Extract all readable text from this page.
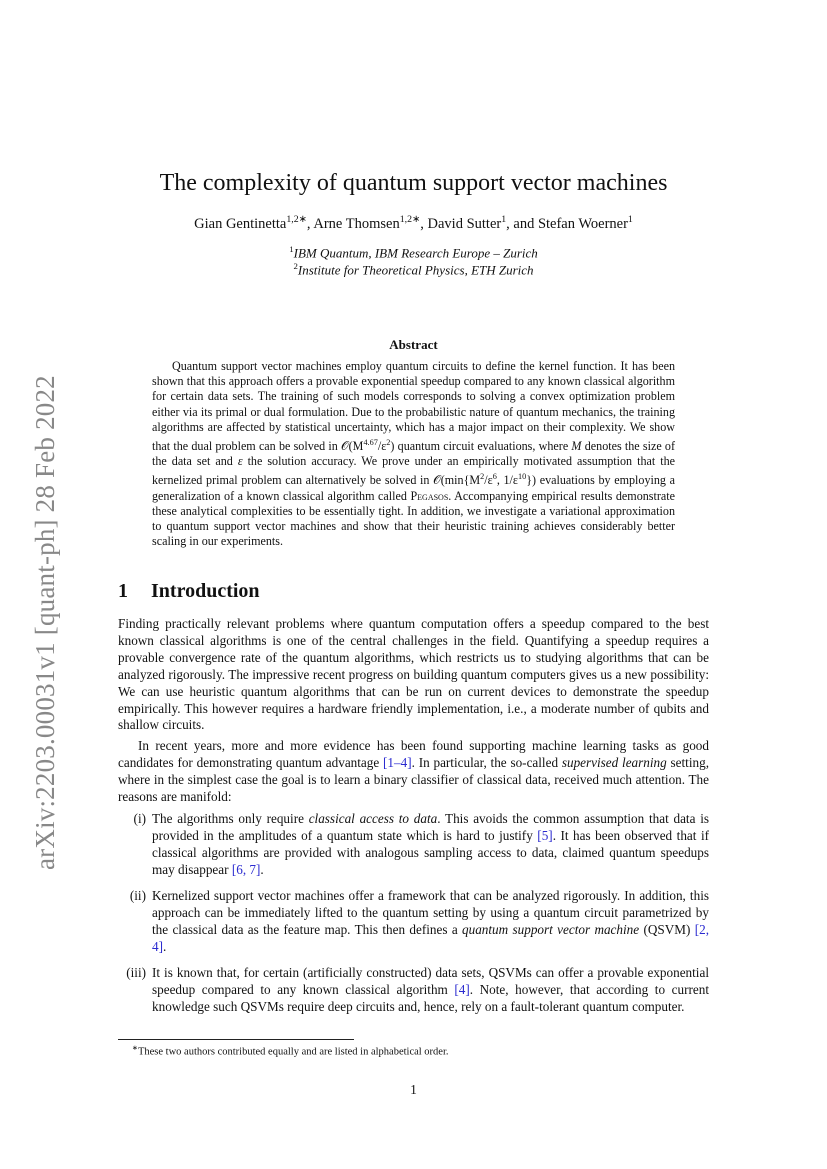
arXiv:2203.00031v1 [quant-ph] 28 Feb 2022
The complexity of quantum support vector machines
Gian Gentinetta$^{1,2∗}$, Arne Thomsen$^{1,2∗}$, David Sutter$^1$, and Stefan Woerner$^1$
$^1$IBM Quantum, IBM Research Europe – Zurich
$^2$Institute for Theoretical Physics, ETH Zurich
Abstract
Quantum support vector machines employ quantum circuits to define the kernel function. It has been shown that this approach offers a provable exponential speedup compared to any known classical algorithm for certain data sets. The training of such models corresponds to solving a convex optimization problem either via its primal or dual formulation. Due to the probabilistic nature of quantum mechanics, the training algorithms are affected by statistical uncertainty, which has a major impact on their complexity. We show that the dual problem can be solved in $𝒪(M^{4.67}/\varepsilon^2)$ quantum circuit evaluations, where M denotes the size of the data set and ε the solution accuracy. We prove under an empirically motivated assumption that the kernelized primal problem can alternatively be solved in $𝒪(\min\{M^2/\varepsilon^6$, $1/\varepsilon^{10}$}) evaluations by employing a generalization of a known classical algorithm called Pegasos. Accompanying empirical results demonstrate these analytical complexities to be essentially tight. In addition, we investigate a variational approximation to quantum support vector machines and show that their heuristic training achieves considerably better scaling in our experiments.
1 Introduction
Finding practically relevant problems where quantum computation offers a speedup compared to the best known classical algorithms is one of the central challenges in the field. Quantifying a speedup requires a provable convergence rate of the quantum algorithms, which restricts us to studying algorithms that can be analyzed rigorously. The impressive recent progress on building quantum computers gives us a new possibility: We can use heuristic quantum algorithms that can be run on current devices to demonstrate the speedup empirically. This however requires a hardware friendly implementation, i.e., a moderate number of qubits and shallow circuits.
In recent years, more and more evidence has been found supporting machine learning tasks as good candidates for demonstrating quantum advantage [1–4]. In particular, the so-called supervised learning setting, where in the simplest case the goal is to learn a binary classifier of classical data, received much attention. The reasons are manifold:
(i) The algorithms only require classical access to data. This avoids the common assumption that data is provided in the amplitudes of a quantum state which is hard to justify [5]. It has been observed that if classical algorithms are provided with analogous sampling access to data, claimed quantum speedups may disappear [6, 7].
(ii) Kernelized support vector machines offer a framework that can be analyzed rigorously. In addition, this approach can be immediately lifted to the quantum setting by using a quantum circuit parametrized by the classical data as the feature map. This then defines a quantum support vector machine (QSVM) [2, 4].
(iii) It is known that, for certain (artificially constructed) data sets, QSVMs can offer a provable exponential speedup compared to any known classical algorithm [4]. Note, however, that according to current knowledge such QSVMs require deep circuits and, hence, rely on a fault-tolerant quantum computer.
∗These two authors contributed equally and are listed in alphabetical order.
1
